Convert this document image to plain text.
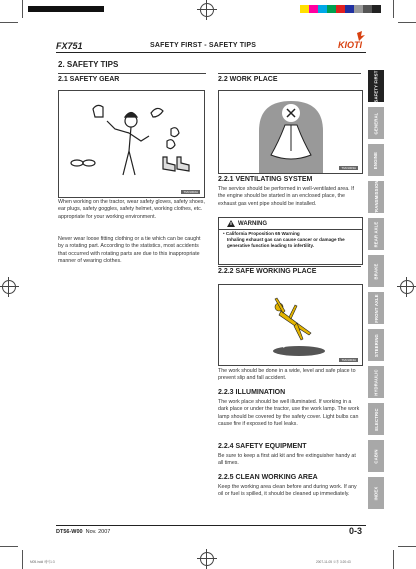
FX751	SAFETY FIRST - SAFETY TIPS	KIOTI
SAFETY FIRST
GENERAL
ENGINE
TRANSMISSION
REAR AXLE
BRAKE
FRONT AXLE
STEERING
HYDRAULIC
ELECTRIC
CABIN
INDEX
2. SAFETY TIPS
2.1 SAFETY GEAR
TMJ1002A
When working on the tractor, wear safety gloves, safety shoes, ear plugs, safety goggles, safety helmet, working clothes, etc. appropriate for your working environment.
Never wear loose fitting clothing or a tie which can be caught by a rotating part. According to the statistics, most accidents that occurred with rotating parts are due to this inappropriate manner of wearing clothes.
2.2 WORK PLACE
TMJ1003A
2.2.1 VENTILATING SYSTEM
The service should be performed in well-ventilated area. If the engine should be started in an enclosed place, the exhaust gas vent pipe should be installed.
WARNING
• California Proposition 65 Warning
Inhaling exhaust gas can cause cancer or damage the generative function leading to infertility.
2.2.2 SAFE WORKING PLACE
TMJ1004A
The work should be done in a wide, level and safe place to prevent slip and fall accident.
2.2.3 ILLUMINATION
The work place should be well illuminated. If working in a dark place or under the tractor, use the work lamp. The work lamp should be covered by the safety cover. Light bulbs can cause fire if exposed to fuel leaks.
2.2.4 SAFETY EQUIPMENT
Be sure to keep a first aid kit and fire extinguisher handy at all times.
2.2.5 CLEAN WORKING AREA
Keep the working area clean before and during work. If any oil or fuel is spilled, it should be cleaned up immediately.
DT56-W00 Nov. 2007	0-3
M05.indd 메이1:3	2007-11-05 오후 3:20:43
